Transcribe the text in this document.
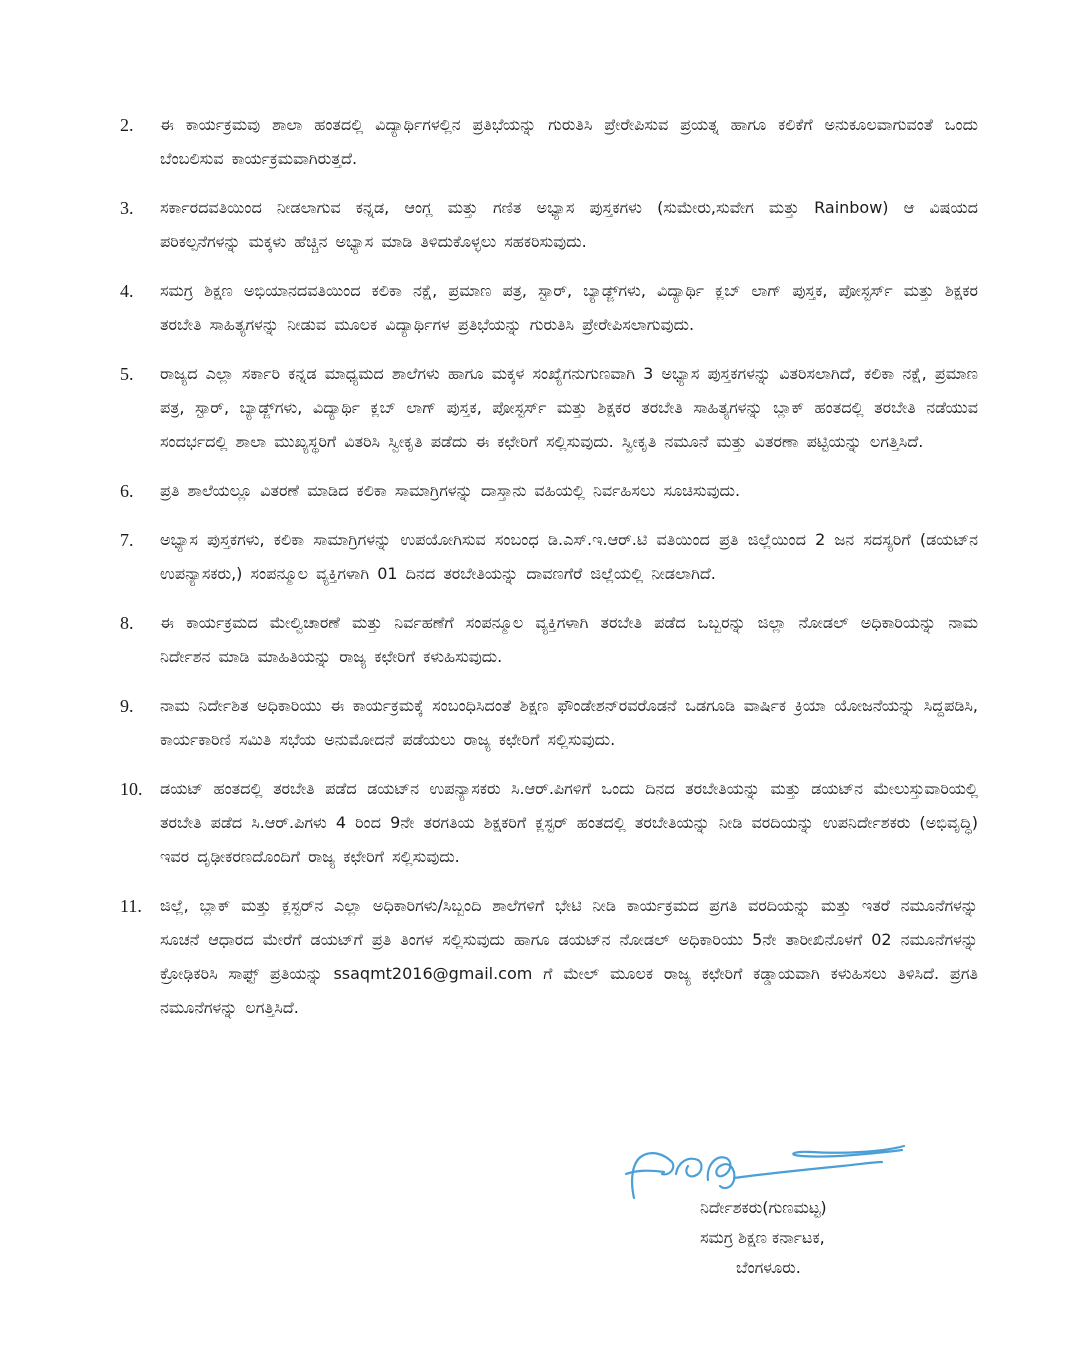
2.	ಈ ಕಾರ್ಯಕ್ರಮವು ಶಾಲಾ ಹಂತದಲ್ಲಿ ವಿದ್ಯಾರ್ಥಿಗಳಲ್ಲಿನ ಪ್ರತಿಭೆಯನ್ನು ಗುರುತಿಸಿ ಪ್ರೇರೇಪಿಸುವ ಪ್ರಯತ್ನ ಹಾಗೂ ಕಲಿಕೆಗೆ ಅನುಕೂಲವಾಗುವಂತೆ ಒಂದು ಬೆಂಬಲಿಸುವ ಕಾರ್ಯಕ್ರಮವಾಗಿರುತ್ತದೆ.
3.	ಸರ್ಕಾರದವತಿಯಿಂದ ನೀಡಲಾಗುವ ಕನ್ನಡ, ಆಂಗ್ಲ ಮತ್ತು ಗಣಿತ ಅಭ್ಯಾಸ ಪುಸ್ತಕಗಳು (ಸುಮೇರು,ಸುವೇಗ ಮತ್ತು Rainbow) ಆ ವಿಷಯದ ಪರಿಕಲ್ಪನೆಗಳನ್ನು ಮಕ್ಕಳು ಹೆಚ್ಚಿನ ಅಭ್ಯಾಸ ಮಾಡಿ ತಿಳಿದುಕೊಳ್ಳಲು ಸಹಕರಿಸುವುದು.
4.	ಸಮಗ್ರ ಶಿಕ್ಷಣ ಅಭಿಯಾನದವತಿಯಿಂದ ಕಲಿಕಾ ನಕ್ಷೆ, ಪ್ರಮಾಣ ಪತ್ರ, ಸ್ಟಾರ್, ಬ್ಯಾಡ್ಜ್‌ಗಳು, ವಿದ್ಯಾರ್ಥಿ ಕ್ಲಬ್ ಲಾಗ್ ಪುಸ್ತಕ, ಪೋಸ್ಟರ್ಸ್ ಮತ್ತು ಶಿಕ್ಷಕರ ತರಬೇತಿ ಸಾಹಿತ್ಯಗಳನ್ನು ನೀಡುವ ಮೂಲಕ ವಿದ್ಯಾರ್ಥಿಗಳ ಪ್ರತಿಭೆಯನ್ನು ಗುರುತಿಸಿ ಪ್ರೇರೇಪಿಸಲಾಗುವುದು.
5.	ರಾಜ್ಯದ ಎಲ್ಲಾ ಸರ್ಕಾರಿ ಕನ್ನಡ ಮಾಧ್ಯಮದ ಶಾಲೆಗಳು ಹಾಗೂ ಮಕ್ಕಳ ಸಂಖ್ಯೆಗನುಗುಣವಾಗಿ 3 ಅಭ್ಯಾಸ ಪುಸ್ತಕಗಳನ್ನು ವಿತರಿಸಲಾಗಿದೆ, ಕಲಿಕಾ ನಕ್ಷೆ, ಪ್ರಮಾಣ ಪತ್ರ, ಸ್ಟಾರ್, ಬ್ಯಾಡ್ಜ್‌ಗಳು, ವಿದ್ಯಾರ್ಥಿ ಕ್ಲಬ್ ಲಾಗ್ ಪುಸ್ತಕ, ಪೋಸ್ಟರ್ಸ್ ಮತ್ತು ಶಿಕ್ಷಕರ ತರಬೇತಿ ಸಾಹಿತ್ಯಗಳನ್ನು ಬ್ಲಾಕ್ ಹಂತದಲ್ಲಿ ತರಬೇತಿ ನಡೆಯುವ ಸಂದರ್ಭದಲ್ಲಿ ಶಾಲಾ ಮುಖ್ಯಸ್ಥರಿಗೆ ವಿತರಿಸಿ ಸ್ವೀಕೃತಿ ಪಡೆದು ಈ ಕಛೇರಿಗೆ ಸಲ್ಲಿಸುವುದು. ಸ್ವೀಕೃತಿ ನಮೂನೆ ಮತ್ತು ವಿತರಣಾ ಪಟ್ಟಿಯನ್ನು ಲಗತ್ತಿಸಿದೆ.
6.	ಪ್ರತಿ ಶಾಲೆಯಲ್ಲೂ ವಿತರಣೆ ಮಾಡಿದ ಕಲಿಕಾ ಸಾಮಾಗ್ರಿಗಳನ್ನು ದಾಸ್ತಾನು ವಹಿಯಲ್ಲಿ ನಿರ್ವಹಿಸಲು ಸೂಚಿಸುವುದು.
7.	ಅಭ್ಯಾಸ ಪುಸ್ತಕಗಳು, ಕಲಿಕಾ ಸಾಮಾಗ್ರಿಗಳನ್ನು ಉಪಯೋಗಿಸುವ ಸಂಬಂಧ ಡಿ.ಎಸ್.ಇ.ಆರ್.ಟಿ ವತಿಯಿಂದ ಪ್ರತಿ ಜಿಲ್ಲೆಯಿಂದ 2 ಜನ ಸದಸ್ಯರಿಗೆ (ಡಯಟ್‌ನ ಉಪನ್ಯಾಸಕರು,) ಸಂಪನ್ಮೂಲ ವ್ಯಕ್ತಿಗಳಾಗಿ 01 ದಿನದ ತರಬೇತಿಯನ್ನು ದಾವಣಗೆರೆ ಜಿಲ್ಲೆಯಲ್ಲಿ ನೀಡಲಾಗಿದೆ.
8.	ಈ ಕಾರ್ಯಕ್ರಮದ ಮೇಲ್ವಿಚಾರಣೆ ಮತ್ತು ನಿರ್ವಹಣೆಗೆ ಸಂಪನ್ಮೂಲ ವ್ಯಕ್ತಿಗಳಾಗಿ ತರಬೇತಿ ಪಡೆದ ಒಬ್ಬರನ್ನು ಜಿಲ್ಲಾ ನೋಡಲ್ ಅಧಿಕಾರಿಯನ್ನು ನಾಮ ನಿರ್ದೇಶನ ಮಾಡಿ ಮಾಹಿತಿಯನ್ನು ರಾಜ್ಯ ಕಛೇರಿಗೆ ಕಳುಹಿಸುವುದು.
9.	ನಾಮ ನಿರ್ದೇಶಿತ ಅಧಿಕಾರಿಯು ಈ ಕಾರ್ಯಕ್ರಮಕ್ಕೆ ಸಂಬಂಧಿಸಿದಂತೆ ಶಿಕ್ಷಣ ಫೌಂಡೇಶನ್‌ರವರೊಡನೆ ಒಡಗೂಡಿ ವಾರ್ಷಿಕ ಕ್ರಿಯಾ ಯೋಜನೆಯನ್ನು ಸಿದ್ದಪಡಿಸಿ, ಕಾರ್ಯಕಾರಿಣಿ ಸಮಿತಿ ಸಭೆಯ ಅನುಮೋದನೆ ಪಡೆಯಲು ರಾಜ್ಯ ಕಛೇರಿಗೆ ಸಲ್ಲಿಸುವುದು.
10.	ಡಯಟ್ ಹಂತದಲ್ಲಿ ತರಬೇತಿ ಪಡೆದ ಡಯಟ್‌ನ ಉಪನ್ಯಾಸಕರು ಸಿ.ಆರ್.ಪಿಗಳಿಗೆ ಒಂದು ದಿನದ ತರಬೇತಿಯನ್ನು ಮತ್ತು ಡಯಟ್‌ನ ಮೇಲುಸ್ತುವಾರಿಯಲ್ಲಿ ತರಬೇತಿ ಪಡೆದ ಸಿ.ಆರ್.ಪಿಗಳು 4 ರಿಂದ 9ನೇ ತರಗತಿಯ ಶಿಕ್ಷಕರಿಗೆ ಕ್ಲಸ್ಟರ್ ಹಂತದಲ್ಲಿ ತರಬೇತಿಯನ್ನು ನೀಡಿ ವರದಿಯನ್ನು ಉಪನಿರ್ದೇಶಕರು (ಅಭಿವೃದ್ಧಿ) ಇವರ ದೃಢೀಕರಣದೊಂದಿಗೆ ರಾಜ್ಯ ಕಛೇರಿಗೆ ಸಲ್ಲಿಸುವುದು.
11.	ಜಿಲ್ಲೆ, ಬ್ಲಾಕ್ ಮತ್ತು ಕ್ಲಸ್ಟರ್‌ನ ಎಲ್ಲಾ ಅಧಿಕಾರಿಗಳು/ಸಿಬ್ಬಂದಿ ಶಾಲೆಗಳಿಗೆ ಭೇಟಿ ನೀಡಿ ಕಾರ್ಯಕ್ರಮದ ಪ್ರಗತಿ ವರದಿಯನ್ನು ಮತ್ತು ಇತರೆ ನಮೂನೆಗಳನ್ನು ಸೂಚನೆ ಆಧಾರದ ಮೇರೆಗೆ ಡಯಟ್‌ಗೆ ಪ್ರತಿ ತಿಂಗಳ ಸಲ್ಲಿಸುವುದು ಹಾಗೂ ಡಯಟ್‌ನ ನೋಡಲ್ ಅಧಿಕಾರಿಯು 5ನೇ ತಾರೀಖಿನೊಳಗೆ 02 ನಮೂನೆಗಳನ್ನು ಕ್ರೋಢಿಕರಿಸಿ ಸಾಫ್ಟ್ ಪ್ರತಿಯನ್ನು ssaqmt2016@gmail.com ಗೆ ಮೇಲ್ ಮೂಲಕ ರಾಜ್ಯ ಕಛೇರಿಗೆ ಕಡ್ಡಾಯವಾಗಿ ಕಳುಹಿಸಲು ತಿಳಿಸಿದೆ. ಪ್ರಗತಿ ನಮೂನೆಗಳನ್ನು ಲಗತ್ತಿಸಿದೆ.
ನಿರ್ದೇಶಕರು(ಗುಣಮಟ್ಟ)
ಸಮಗ್ರ ಶಿಕ್ಷಣ ಕರ್ನಾಟಕ,
ಬೆಂಗಳೂರು.
